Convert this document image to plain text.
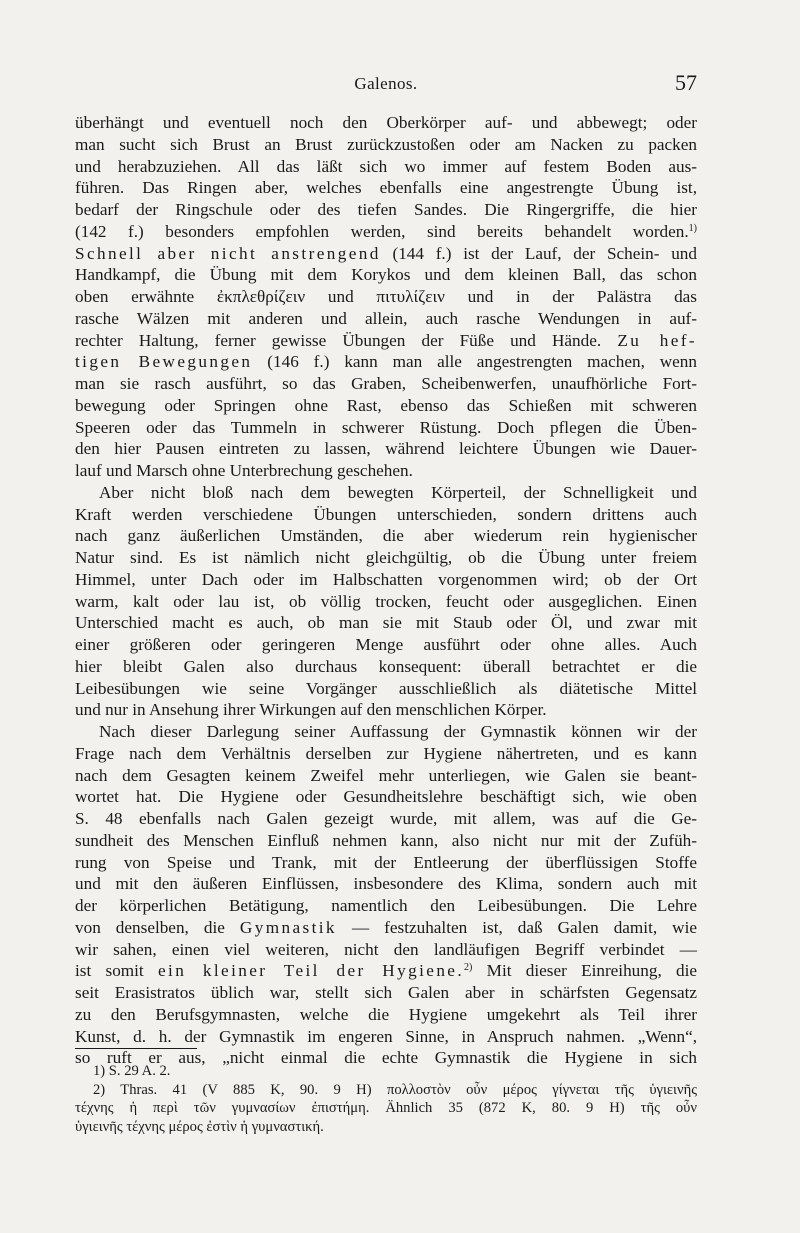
Galenos.	57
überhängt und eventuell noch den Oberkörper auf- und abbewegt; oder
man sucht sich Brust an Brust zurückzustoßen oder am Nacken zu packen
und herabzuziehen. All das läßt sich wo immer auf festem Boden aus-
führen. Das Ringen aber, welches ebenfalls eine angestrengte Übung ist,
bedarf der Ringschule oder des tiefen Sandes. Die Ringergriffe, die hier
(142 f.) besonders empfohlen werden, sind bereits behandelt worden.$^{1)}$
Schnell aber nicht anstrengend (144 f.) ist der Lauf, der Schein- und
Handkampf, die Übung mit dem Korykos und dem kleinen Ball, das schon
oben erwähnte ἐκπλεθρίζειν und πιτυλίζειν und in der Palästra das
rasche Wälzen mit anderen und allein, auch rasche Wendungen in auf-
rechter Haltung, ferner gewisse Übungen der Füße und Hände. Zu hef-
tigen Bewegungen (146 f.) kann man alle angestrengten machen, wenn
man sie rasch ausführt, so das Graben, Scheibenwerfen, unaufhörliche Fort-
bewegung oder Springen ohne Rast, ebenso das Schießen mit schweren
Speeren oder das Tummeln in schwerer Rüstung. Doch pflegen die Üben-
den hier Pausen eintreten zu lassen, während leichtere Übungen wie Dauer-
lauf und Marsch ohne Unterbrechung geschehen.
Aber nicht bloß nach dem bewegten Körperteil, der Schnelligkeit und
Kraft werden verschiedene Übungen unterschieden, sondern drittens auch
nach ganz äußerlichen Umständen, die aber wiederum rein hygienischer
Natur sind. Es ist nämlich nicht gleichgültig, ob die Übung unter freiem
Himmel, unter Dach oder im Halbschatten vorgenommen wird; ob der Ort
warm, kalt oder lau ist, ob völlig trocken, feucht oder ausgeglichen. Einen
Unterschied macht es auch, ob man sie mit Staub oder Öl, und zwar mit
einer größeren oder geringeren Menge ausführt oder ohne alles. Auch
hier bleibt Galen also durchaus konsequent: überall betrachtet er die
Leibesübungen wie seine Vorgänger ausschließlich als diätetische Mittel
und nur in Ansehung ihrer Wirkungen auf den menschlichen Körper.
Nach dieser Darlegung seiner Auffassung der Gymnastik können wir der
Frage nach dem Verhältnis derselben zur Hygiene nähertreten, und es kann
nach dem Gesagten keinem Zweifel mehr unterliegen, wie Galen sie beant-
wortet hat. Die Hygiene oder Gesundheitslehre beschäftigt sich, wie oben
S. 48 ebenfalls nach Galen gezeigt wurde, mit allem, was auf die Ge-
sundheit des Menschen Einfluß nehmen kann, also nicht nur mit der Zufüh-
rung von Speise und Trank, mit der Entleerung der überflüssigen Stoffe
und mit den äußeren Einflüssen, insbesondere des Klima, sondern auch mit
der körperlichen Betätigung, namentlich den Leibesübungen. Die Lehre
von denselben, die Gymnastik — festzuhalten ist, daß Galen damit, wie
wir sahen, einen viel weiteren, nicht den landläufigen Begriff verbindet —
ist somit ein kleiner Teil der Hygiene.$^{2)}$ Mit dieser Einreihung, die
seit Erasistratos üblich war, stellt sich Galen aber in schärfsten Gegensatz
zu den Berufsgymnasten, welche die Hygiene umgekehrt als Teil ihrer
Kunst, d. h. der Gymnastik im engeren Sinne, in Anspruch nahmen. „Wenn“,
so ruft er aus, „nicht einmal die echte Gymnastik die Hygiene in sich
1) S. 29 A. 2.
2) Thras. 41 (V 885 K, 90. 9 H) πολλοστὸν οὖν μέρος γίγνεται τῆς ὑγιεινῆς
τέχνης ἡ περὶ τῶν γυμνασίων ἐπιστήμη. Ähnlich 35 (872 K, 80. 9 H) τῆς οὖν
ὑγιεινῆς τέχνης μέρος ἐστὶν ἡ γυμναστική.
